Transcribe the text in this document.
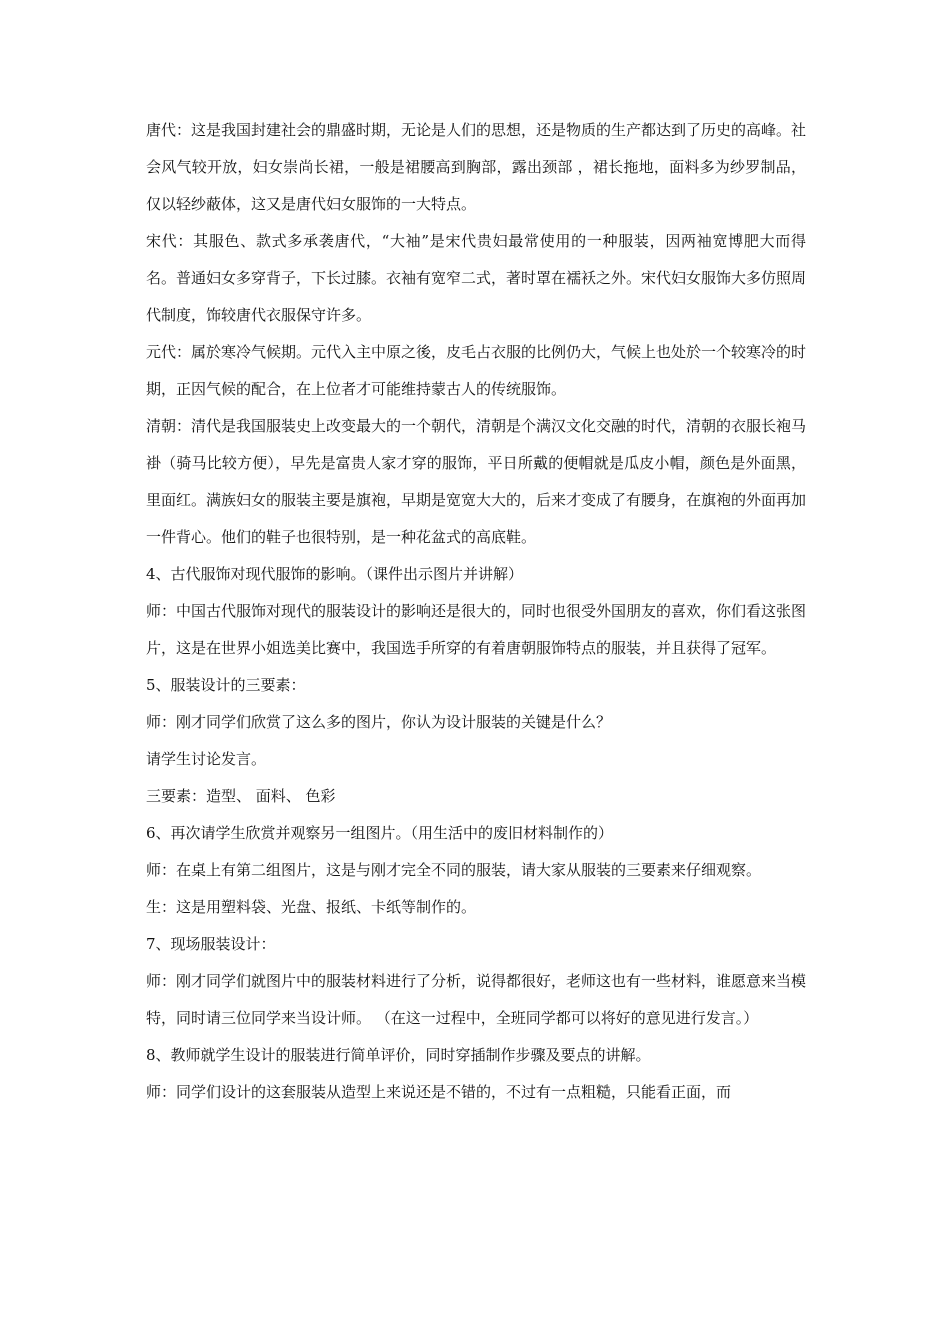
唐代：这是我国封建社会的鼎盛时期，无论是人们的思想，还是物质的生产都达到了历史的高峰。社会风气较开放，妇女崇尚长裙，一般是裙腰高到胸部，露出颈部 ，裙长拖地，面料多为纱罗制品，仅以轻纱蔽体，这又是唐代妇女服饰的一大特点。

宋代：其服色、款式多承袭唐代，“大袖”是宋代贵妇最常使用的一种服装，因两袖宽博肥大而得名。普通妇女多穿背子，下长过膝。衣袖有宽窄二式，著时罩在襦袄之外。宋代妇女服饰大多仿照周代制度，饰较唐代衣服保守许多。

元代：属於寒冷气候期。元代入主中原之後，皮毛占衣服的比例仍大，气候上也处於一个较寒冷的时期，正因气候的配合，在上位者才可能维持蒙古人的传统服饰。

清朝：清代是我国服装史上改变最大的一个朝代，清朝是个满汉文化交融的时代，清朝的衣服长袍马褂（骑马比较方便），早先是富贵人家才穿的服饰，平日所戴的便帽就是瓜皮小帽，颜色是外面黑，里面红。满族妇女的服装主要是旗袍，早期是宽宽大大的，后来才变成了有腰身，在旗袍的外面再加一件背心。他们的鞋子也很特别，是一种花盆式的高底鞋。

4、古代服饰对现代服饰的影响。（课件出示图片并讲解）

师：中国古代服饰对现代的服装设计的影响还是很大的，同时也很受外国朋友的喜欢，你们看这张图片，这是在世界小姐选美比赛中，我国选手所穿的有着唐朝服饰特点的服装，并且获得了冠军。

5、服装设计的三要素：

师：刚才同学们欣赏了这么多的图片，你认为设计服装的关键是什么？

请学生讨论发言。

三要素：造型、 面料、 色彩

6、再次请学生欣赏并观察另一组图片。（用生活中的废旧材料制作的）

师：在桌上有第二组图片，这是与刚才完全不同的服装，请大家从服装的三要素来仔细观察。

生：这是用塑料袋、光盘、报纸、卡纸等制作的。

7、现场服装设计：

师：刚才同学们就图片中的服装材料进行了分析，说得都很好，老师这也有一些材料，谁愿意来当模特，同时请三位同学来当设计师。 （在这一过程中，全班同学都可以将好的意见进行发言。）

8、教师就学生设计的服装进行简单评价，同时穿插制作步骤及要点的讲解。

师：同学们设计的这套服装从造型上来说还是不错的，不过有一点粗糙，只能看正面，而
